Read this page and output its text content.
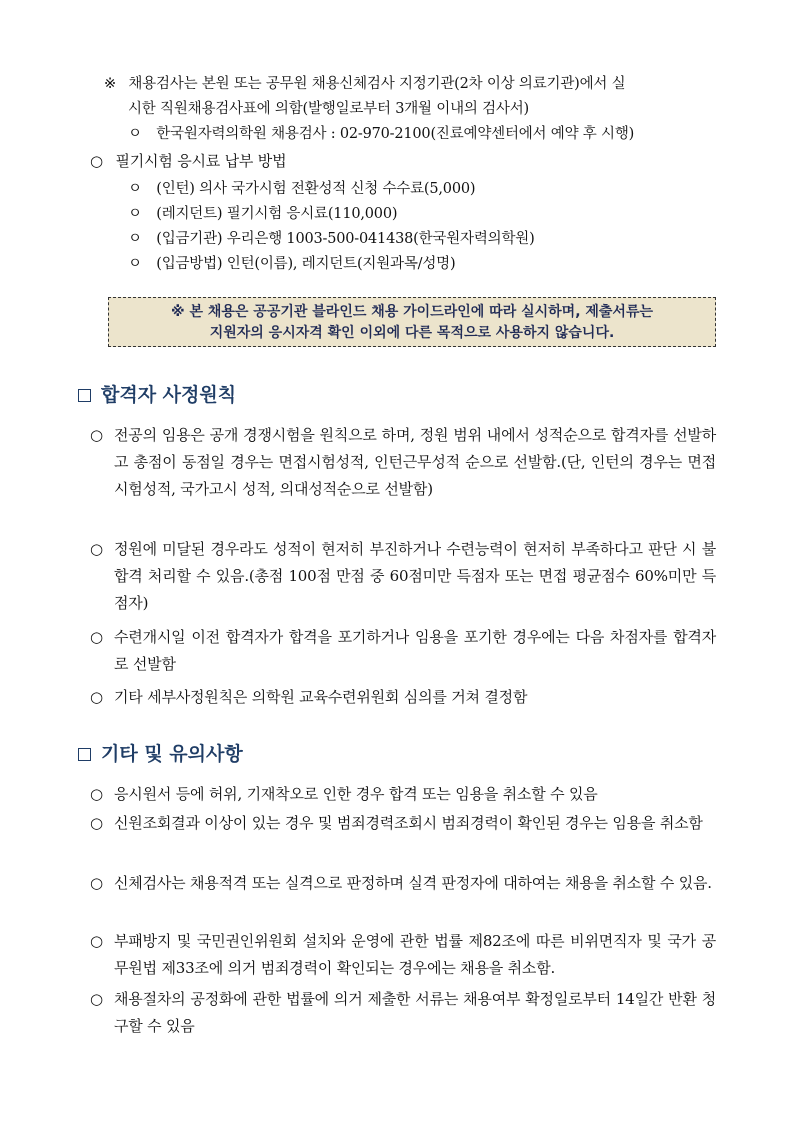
※ 채용검사는 본원 또는 공무원 채용신체검사 지정기관(2차 이상 의료기관)에서 실
시한 직원채용검사표에 의함(발행일로부터 3개월 이내의 검사서)
ㅇ 한국원자력의학원 채용검사 : 02-970-2100(진료예약센터에서 예약 후 시행)
○ 필기시험 응시료 납부 방법
ㅇ (인턴) 의사 국가시험 전환성적 신청 수수료(5,000)
ㅇ (레지던트) 필기시험 응시료(110,000)
ㅇ (입금기관) 우리은행 1003-500-041438(한국원자력의학원)
ㅇ (입금방법) 인턴(이름), 레지던트(지원과목/성명)
※ 본 채용은 공공기관 블라인드 채용 가이드라인에 따라 실시하며, 제출서류는
지원자의 응시자격 확인 이외에 다른 목적으로 사용하지 않습니다.
합격자 사정원칙
○ 전공의 임용은 공개 경쟁시험을 원칙으로 하며, 정원 범위 내에서 성적순으로 합격자를 선발하고 총점이 동점일 경우는 면접시험성적, 인턴근무성적 순으로 선발함.(단, 인턴의 경우는 면접시험성적, 국가고시 성적, 의대성적순으로 선발함)
○ 정원에 미달된 경우라도 성적이 현저히 부진하거나 수련능력이 현저히 부족하다고 판단 시 불합격 처리할 수 있음.(총점 100점 만점 중 60점미만 득점자 또는 면접 평균점수 60%미만 득점자)
○ 수련개시일 이전 합격자가 합격을 포기하거나 임용을 포기한 경우에는 다음 차점자를 합격자로 선발함
○ 기타 세부사정원칙은 의학원 교육수련위원회 심의를 거쳐 결정함
기타 및 유의사항
○ 응시원서 등에 허위, 기재착오로 인한 경우 합격 또는 임용을 취소할 수 있음
○ 신원조회결과 이상이 있는 경우 및 범죄경력조회시 범죄경력이 확인된 경우는 임용을 취소함
○ 신체검사는 채용적격 또는 실격으로 판정하며 실격 판정자에 대하여는 채용을 취소할 수 있음.
○ 부패방지 및 국민권인위원회 설치와 운영에 관한 법률 제82조에 따른 비위면직자 및 국가 공무원법 제33조에 의거 범죄경력이 확인되는 경우에는 채용을 취소함.
○ 채용절차의 공정화에 관한 법률에 의거 제출한 서류는 채용여부 확정일로부터 14일간 반환 청구할 수 있음
